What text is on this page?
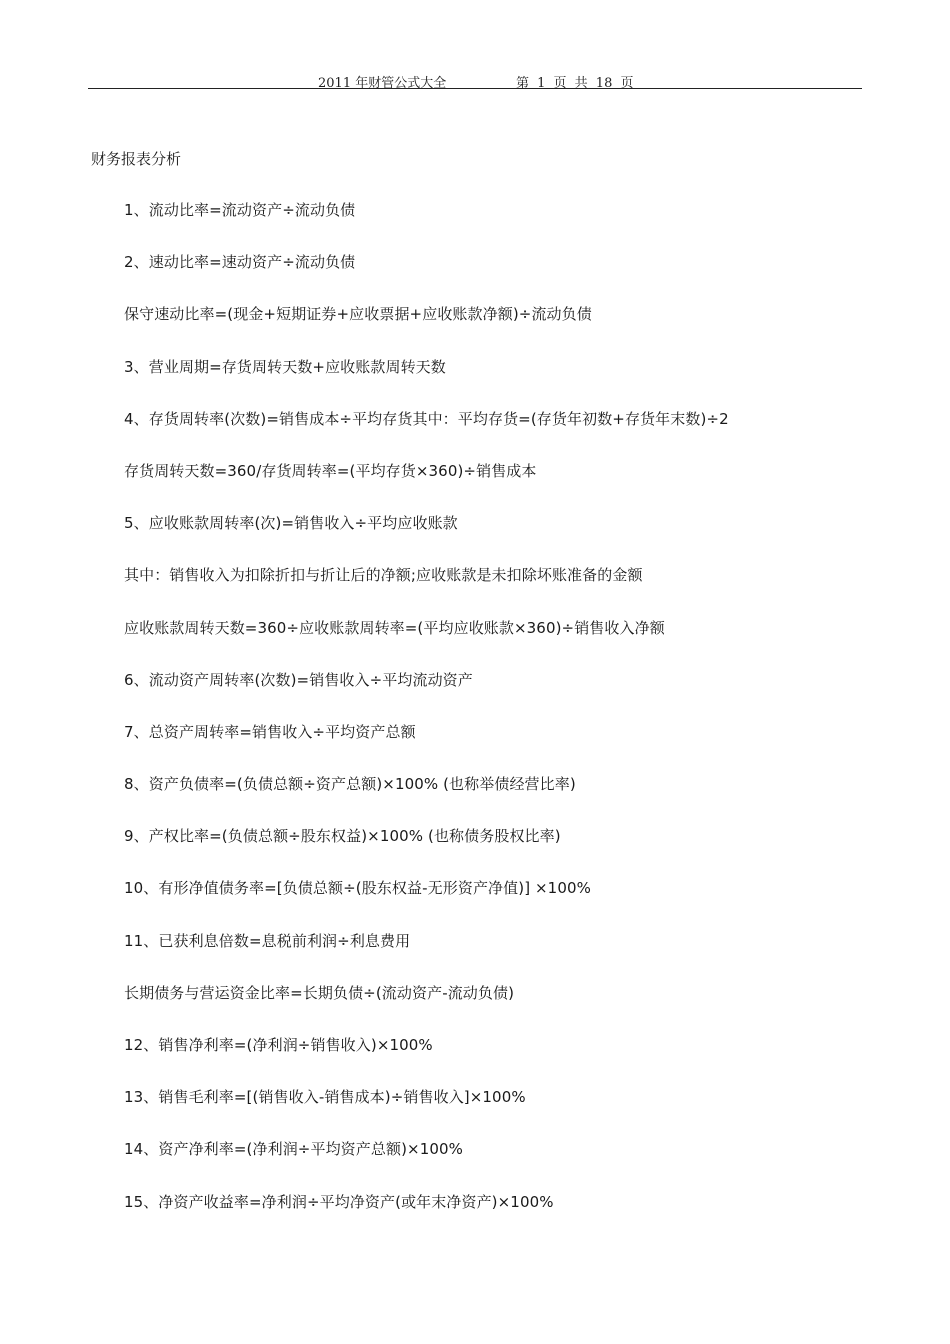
2011 年财管公式大全	第 1 页 共 18 页
财务报表分析
1、流动比率=流动资产÷流动负债
2、速动比率=速动资产÷流动负债
保守速动比率=(现金+短期证券+应收票据+应收账款净额)÷流动负债
3、营业周期=存货周转天数+应收账款周转天数
4、存货周转率(次数)=销售成本÷平均存货其中：平均存货=(存货年初数+存货年末数)÷2
存货周转天数=360/存货周转率=(平均存货×360)÷销售成本
5、应收账款周转率(次)=销售收入÷平均应收账款
其中：销售收入为扣除折扣与折让后的净额;应收账款是未扣除坏账准备的金额
应收账款周转天数=360÷应收账款周转率=(平均应收账款×360)÷销售收入净额
6、流动资产周转率(次数)=销售收入÷平均流动资产
7、总资产周转率=销售收入÷平均资产总额
8、资产负债率=(负债总额÷资产总额)×100% (也称举债经营比率)
9、产权比率=(负债总额÷股东权益)×100% (也称债务股权比率)
10、有形净值债务率=[负债总额÷(股东权益-无形资产净值)] ×100%
11、已获利息倍数=息税前利润÷利息费用
长期债务与营运资金比率=长期负债÷(流动资产-流动负债)
12、销售净利率=(净利润÷销售收入)×100%
13、销售毛利率=[(销售收入-销售成本)÷销售收入]×100%
14、资产净利率=(净利润÷平均资产总额)×100%
15、净资产收益率=净利润÷平均净资产(或年末净资产)×100%
